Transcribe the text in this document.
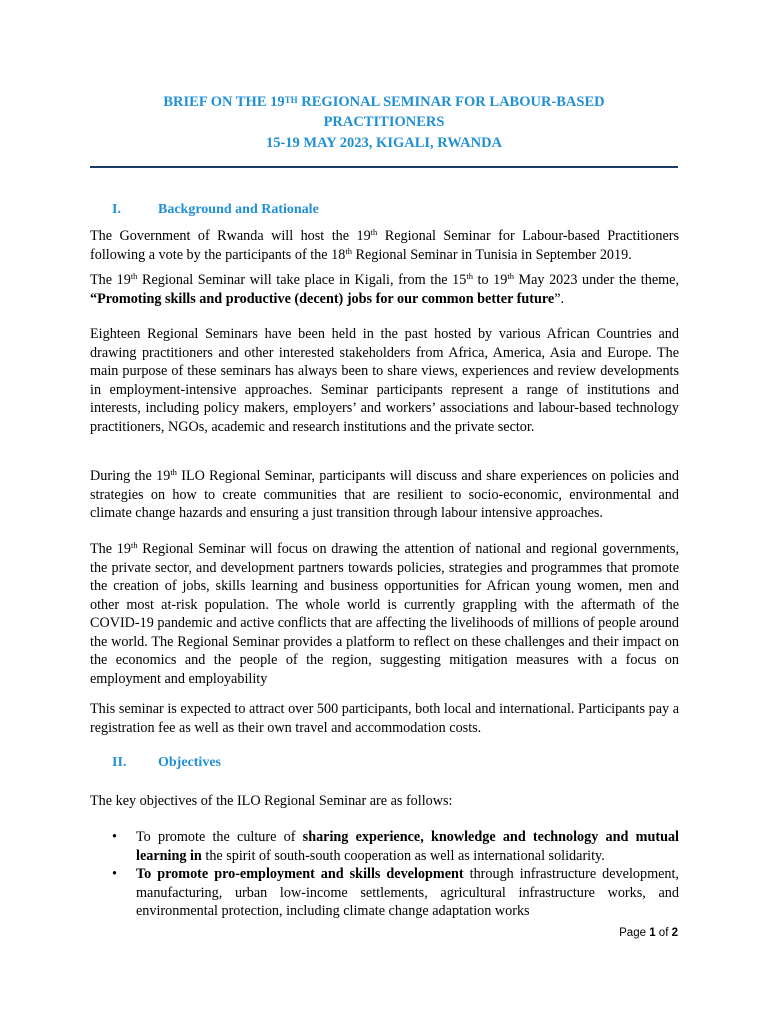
BRIEF ON THE 19TH REGIONAL SEMINAR FOR LABOUR-BASED
PRACTITIONERS
15-19 MAY 2023, KIGALI, RWANDA
I.	Background and Rationale
The Government of Rwanda will host the 19th Regional Seminar for Labour-based Practitioners following a vote by the participants of the 18th Regional Seminar in Tunisia in September 2019.
The 19th Regional Seminar will take place in Kigali, from the 15th to 19th May 2023 under the theme, “Promoting skills and productive (decent) jobs for our common better future”.
Eighteen Regional Seminars have been held in the past hosted by various African Countries and drawing practitioners and other interested stakeholders from Africa, America, Asia and Europe. The main purpose of these seminars has always been to share views, experiences and review developments in employment-intensive approaches. Seminar participants represent a range of institutions and interests, including policy makers, employers’ and workers’ associations and labour-based technology practitioners, NGOs, academic and research institutions and the private sector.
During the 19th ILO Regional Seminar, participants will discuss and share experiences on policies and strategies on how to create communities that are resilient to socio-economic, environmental and climate change hazards and ensuring a just transition through labour intensive approaches.
The 19th Regional Seminar will focus on drawing the attention of national and regional governments, the private sector, and development partners towards policies, strategies and programmes that promote the creation of jobs, skills learning and business opportunities for African young women, men and other most at-risk population. The whole world is currently grappling with the aftermath of the COVID-19 pandemic and active conflicts that are affecting the livelihoods of millions of people around the world. The Regional Seminar provides a platform to reflect on these challenges and their impact on the economics and the people of the region, suggesting mitigation measures with a focus on employment and employability
This seminar is expected to attract over 500 participants, both local and international. Participants pay a registration fee as well as their own travel and accommodation costs.
II. Objectives
The key objectives of the ILO Regional Seminar are as follows:
• To promote the culture of sharing experience, knowledge and technology and mutual learning in the spirit of south-south cooperation as well as international solidarity.
• To promote pro-employment and skills development through infrastructure development, manufacturing, urban low-income settlements, agricultural infrastructure works, and environmental protection, including climate change adaptation works
Page 1 of 2
